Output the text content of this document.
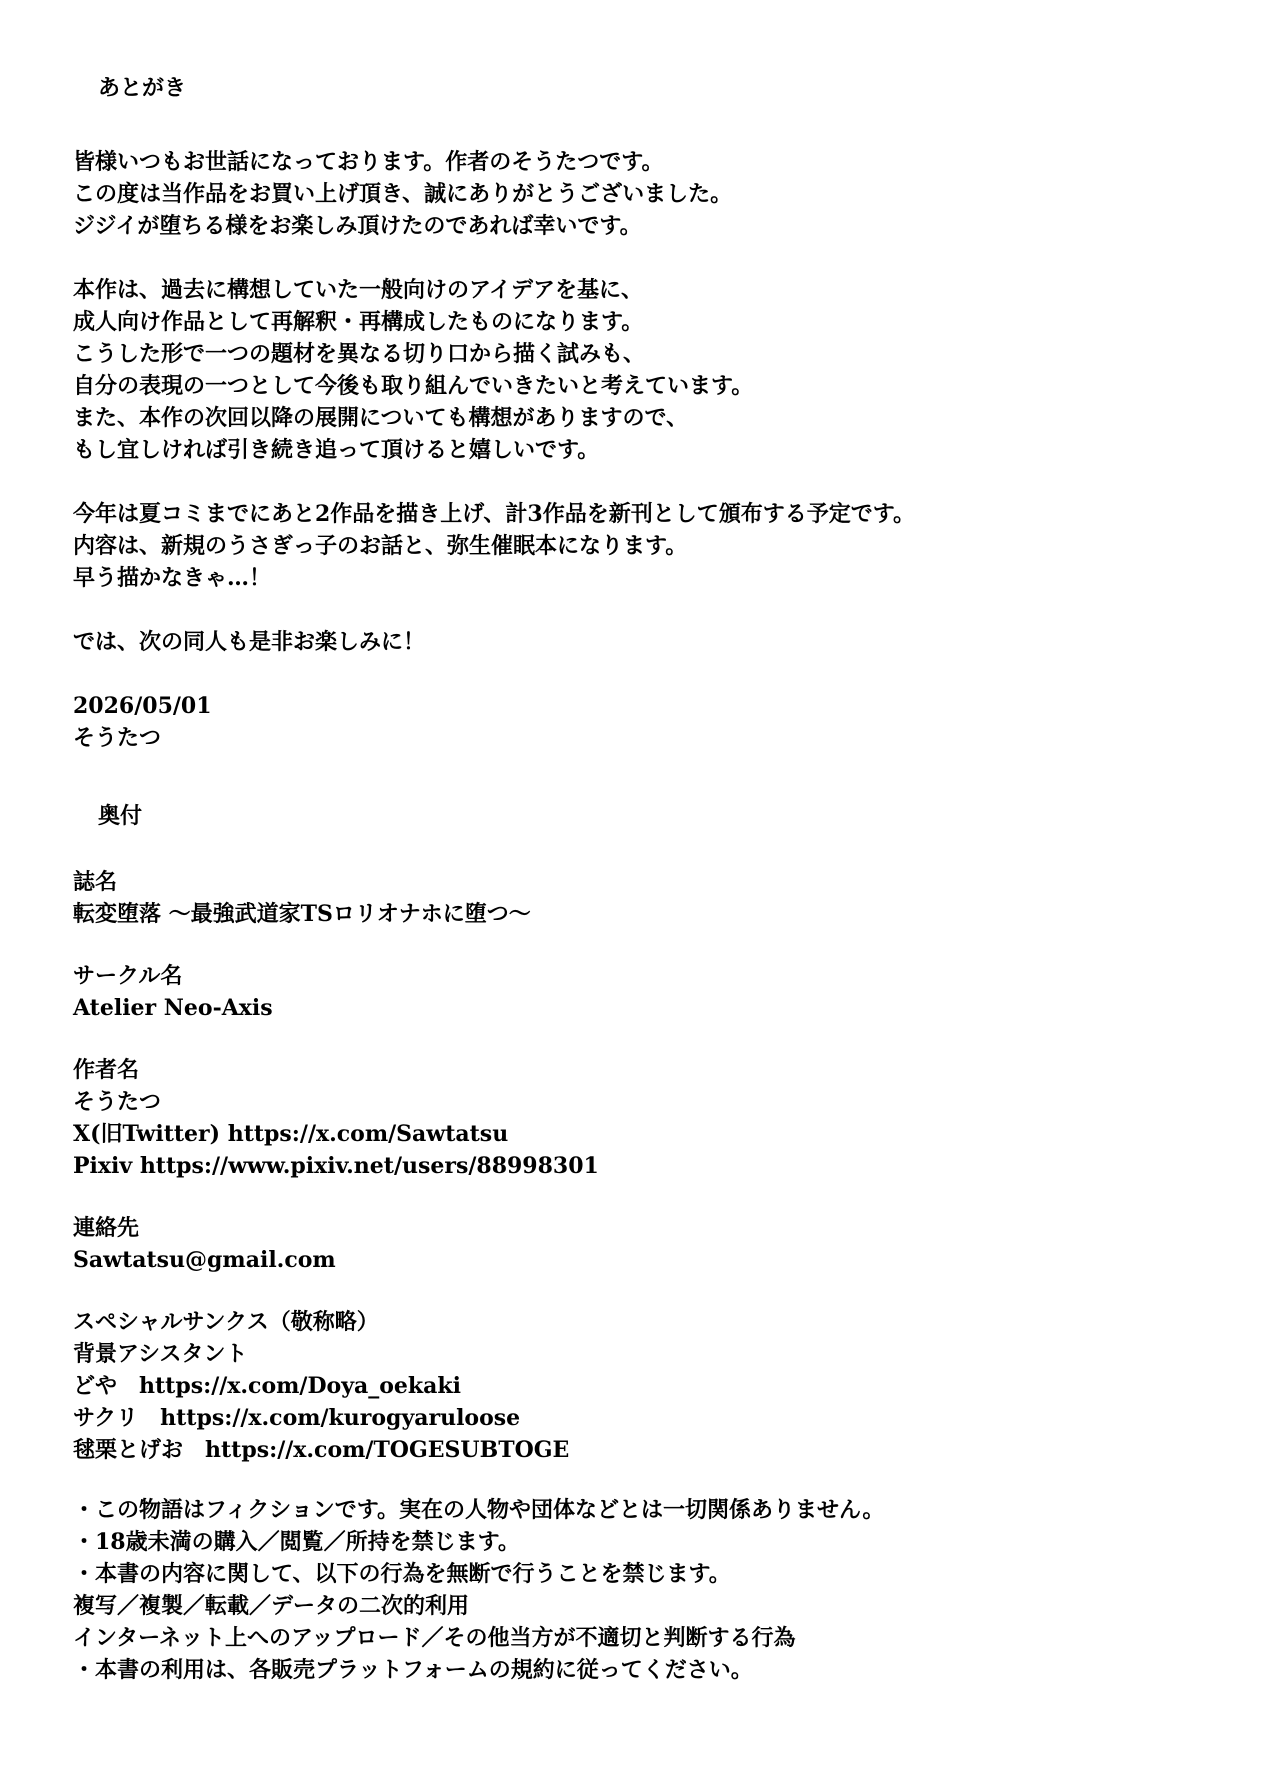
あとがき
皆様いつもお世話になっております。作者のそうたつです。
この度は当作品をお買い上げ頂き、誠にありがとうございました。
ジジイが堕ちる様をお楽しみ頂けたのであれば幸いです。
本作は、過去に構想していた一般向けのアイデアを基に、
成人向け作品として再解釈・再構成したものになります。
こうした形で一つの題材を異なる切り口から描く試みも、
自分の表現の一つとして今後も取り組んでいきたいと考えています。
また、本作の次回以降の展開についても構想がありますので、
もし宜しければ引き続き追って頂けると嬉しいです。
今年は夏コミまでにあと2作品を描き上げ、計3作品を新刊として頒布する予定です。
内容は、新規のうさぎっ子のお話と、弥生催眠本になります。
早う描かなきゃ…！
では、次の同人も是非お楽しみに！
2026/05/01
そうたつ
奥付
誌名
転変堕落 〜最強武道家TSロリオナホに堕つ〜
サークル名
Atelier Neo-Axis
作者名
そうたつ
X(旧Twitter) https://x.com/Sawtatsu
Pixiv https://www.pixiv.net/users/88998301
連絡先
Sawtatsu@gmail.com
スペシャルサンクス（敬称略）
背景アシスタント
どや　https://x.com/Doya_oekaki
サクリ　https://x.com/kurogyaruloose
毬栗とげお　https://x.com/TOGESUBTOGE
・この物語はフィクションです。実在の人物や団体などとは一切関係ありません。
・18歳未満の購入／閲覧／所持を禁じます。
・本書の内容に関して、以下の行為を無断で行うことを禁じます。
複写／複製／転載／データの二次的利用
インターネット上へのアップロード／その他当方が不適切と判断する行為
・本書の利用は、各販売プラットフォームの規約に従ってください。
